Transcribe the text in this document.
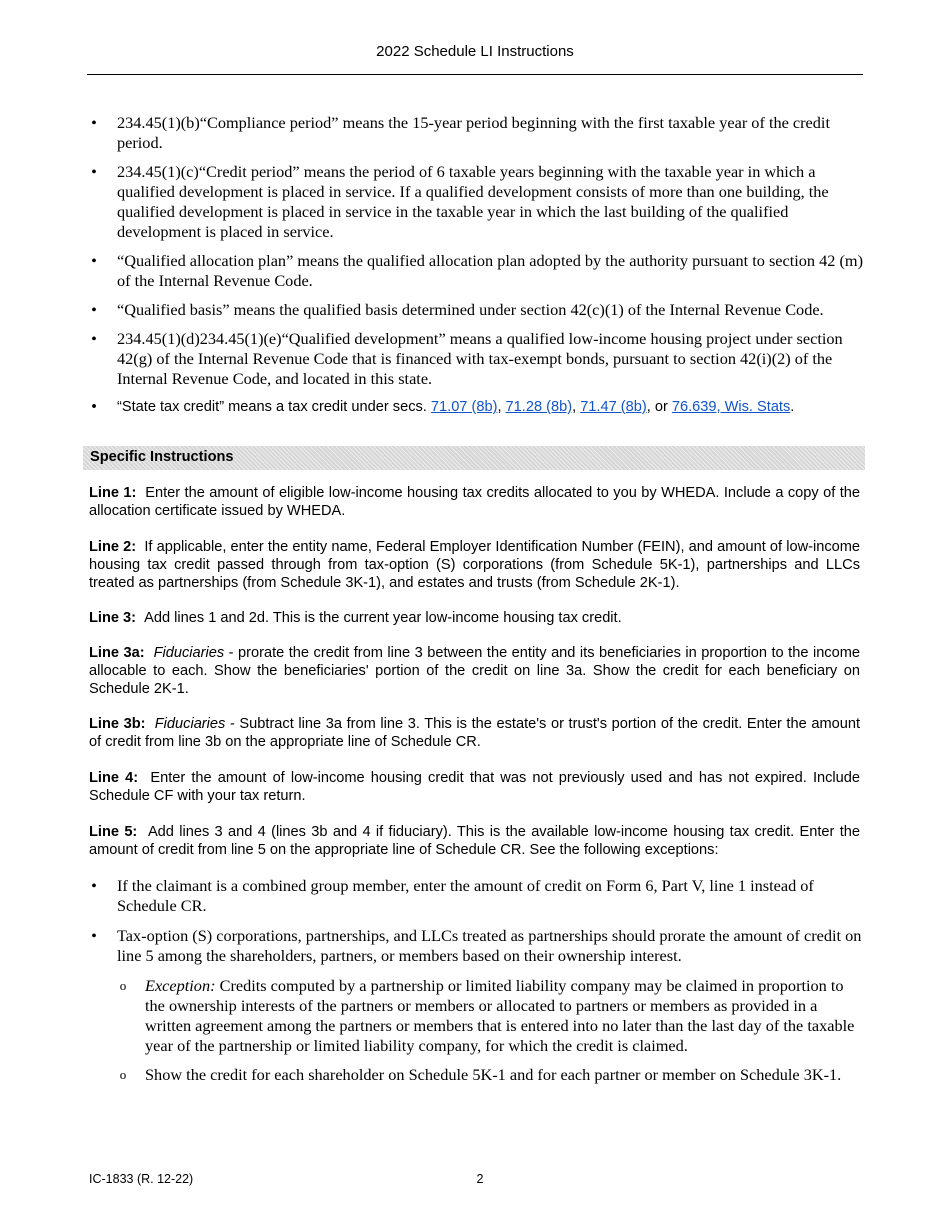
2022 Schedule LI Instructions
• 234.45(1)(b)“Compliance period” means the 15-year period beginning with the first taxable year of the credit period.
• 234.45(1)(c)“Credit period” means the period of 6 taxable years beginning with the taxable year in which a qualified development is placed in service. If a qualified development consists of more than one building, the qualified development is placed in service in the taxable year in which the last building of the qualified development is placed in service.
• “Qualified allocation plan” means the qualified allocation plan adopted by the authority pursuant to section 42 (m) of the Internal Revenue Code.
• “Qualified basis” means the qualified basis determined under section 42(c)(1) of the Internal Revenue Code.
• 234.45(1)(d)234.45(1)(e)“Qualified development” means a qualified low-income housing project under section 42(g) of the Internal Revenue Code that is financed with tax-exempt bonds, pursuant to section 42(i)(2) of the Internal Revenue Code, and located in this state.
•	“State tax credit” means a tax credit under secs. 71.07 (8b), 71.28 (8b), 71.47 (8b), or 76.639, Wis. Stats.
Specific Instructions

Line 1: Enter the amount of eligible low-income housing tax credits allocated to you by WHEDA. Include a copy of the allocation certificate issued by WHEDA.

Line 2: If applicable, enter the entity name, Federal Employer Identification Number (FEIN), and amount of low-income housing tax credit passed through from tax-option (S) corporations (from Schedule 5K-1), partnerships and LLCs treated as partnerships (from Schedule 3K-1), and estates and trusts (from Schedule 2K-1).

Line 3: Add lines 1 and 2d. This is the current year low-income housing tax credit.

Line 3a: Fiduciaries - prorate the credit from line 3 between the entity and its beneficiaries in proportion to the income allocable to each. Show the beneficiaries' portion of the credit on line 3a. Show the credit for each beneficiary on Schedule 2K-1.

Line 3b: Fiduciaries - Subtract line 3a from line 3. This is the estate's or trust's portion of the credit. Enter the amount of credit from line 3b on the appropriate line of Schedule CR.

Line 4: Enter the amount of low-income housing credit that was not previously used and has not expired. Include Schedule CF with your tax return.

Line 5: Add lines 3 and 4 (lines 3b and 4 if fiduciary). This is the available low-income housing tax credit. Enter the amount of credit from line 5 on the appropriate line of Schedule CR. See the following exceptions:

• If the claimant is a combined group member, enter the amount of credit on Form 6, Part V, line 1 instead of Schedule CR.
• Tax-option (S) corporations, partnerships, and LLCs treated as partnerships should prorate the amount of credit on line 5 among the shareholders, partners, or members based on their ownership interest.
o Exception: Credits computed by a partnership or limited liability company may be claimed in proportion to the ownership interests of the partners or members or allocated to partners or members as provided in a written agreement among the partners or members that is entered into no later than the last day of the taxable year of the partnership or limited liability company, for which the credit is claimed.
o Show the credit for each shareholder on Schedule 5K-1 and for each partner or member on Schedule 3K-1.
IC-1833 (R. 12-22)	2
